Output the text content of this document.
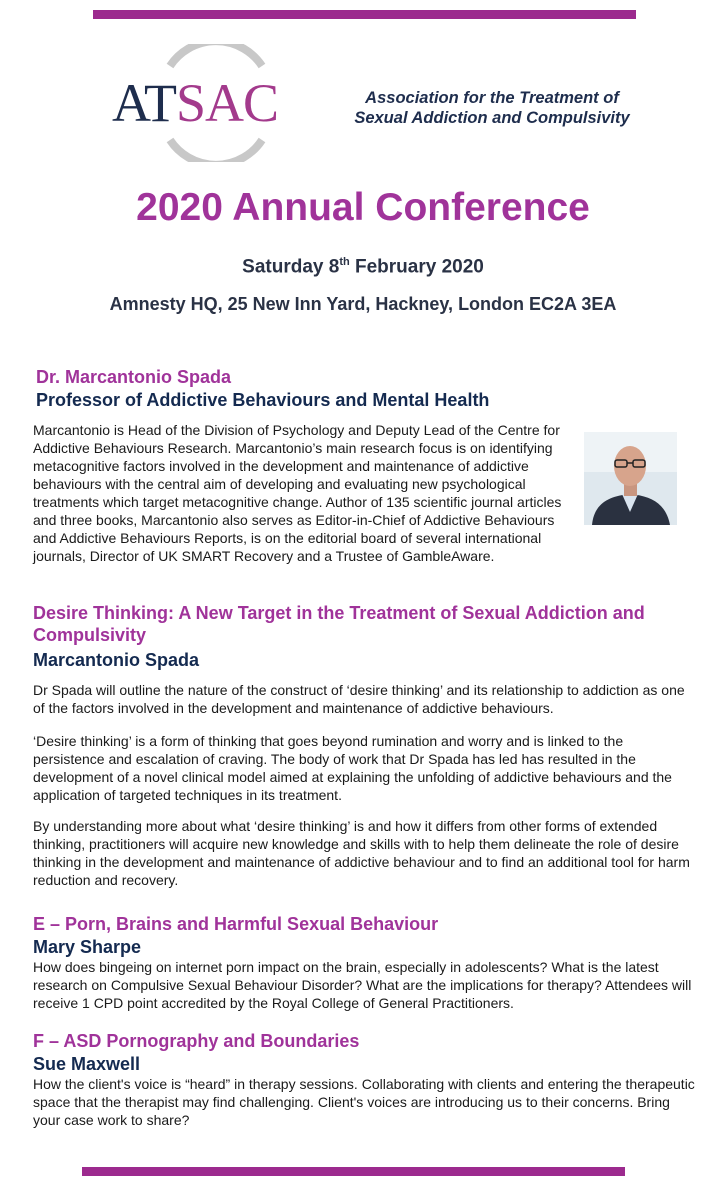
ATSAC	Association for the Treatment of
Sexual Addiction and Compulsivity
2020 Annual Conference
Saturday 8th February 2020
Amnesty HQ, 25 New Inn Yard, Hackney, London EC2A 3EA
Dr. Marcantonio Spada
Professor of Addictive Behaviours and Mental Health
Marcantonio is Head of the Division of Psychology and Deputy Lead of the Centre for Addictive Behaviours Research. Marcantonio’s main research focus is on identifying metacognitive factors involved in the development and maintenance of addictive behaviours with the central aim of developing and evaluating new psychological treatments which target metacognitive change. Author of 135 scientific journal articles and three books, Marcantonio also serves as Editor-in-Chief of Addictive Behaviours and Addictive Behaviours Reports, is on the editorial board of several international journals, Director of UK SMART Recovery and a Trustee of GambleAware.
Desire Thinking: A New Target in the Treatment of Sexual Addiction and Compulsivity
Marcantonio Spada
Dr Spada will outline the nature of the construct of ‘desire thinking’ and its relationship to addiction as one of the factors involved in the development and maintenance of addictive behaviours.
‘Desire thinking’ is a form of thinking that goes beyond rumination and worry and is linked to the persistence and escalation of craving. The body of work that Dr Spada has led has resulted in the development of a novel clinical model aimed at explaining the unfolding of addictive behaviours and the application of targeted techniques in its treatment.
By understanding more about what ‘desire thinking’ is and how it differs from other forms of extended thinking, practitioners will acquire new knowledge and skills with to help them delineate the role of desire thinking in the development and maintenance of addictive behaviour and to find an additional tool for harm reduction and recovery.
E – Porn, Brains and Harmful Sexual Behaviour
Mary Sharpe
How does bingeing on internet porn impact on the brain, especially in adolescents? What is the latest research on Compulsive Sexual Behaviour Disorder? What are the implications for therapy? Attendees will receive 1 CPD point accredited by the Royal College of General Practitioners.
F – ASD Pornography and Boundaries
Sue Maxwell
How the client's voice is “heard” in therapy sessions. Collaborating with clients and entering the therapeutic space that the therapist may find challenging. Client's voices are introducing us to their concerns. Bring your case work to share?
